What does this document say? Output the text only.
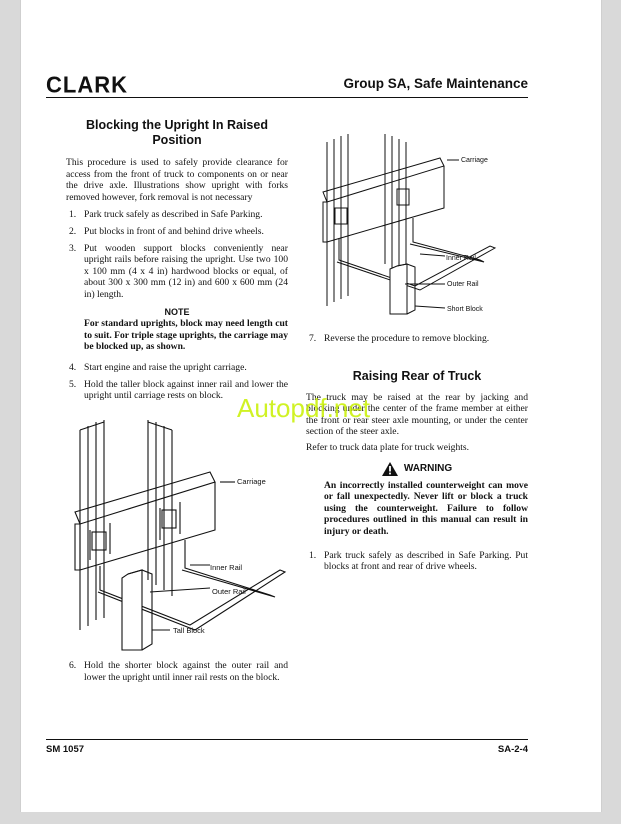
CLARK	Group SA, Safe Maintenance
Blocking the Upright In Raised
Position

This procedure is used to safely provide clearance for access from the front of truck to components on or near the drive axle. Illustrations show upright with forks removed however, fork removal is not necessary

1. Park truck safely as described in Safe Parking.
2. Put blocks in front of and behind drive wheels.
3. Put wooden support blocks conveniently near upright rails before raising the upright. Use two 100 x 100 mm (4 x 4 in) hardwood blocks or equal, of about 300 x 300 mm (12 in) and 600 x 600 mm (24 in) length.
NOTE
For standard uprights, block may need length cut to suit. For triple stage uprights, the carriage may be blocked up, as shown.
4. Start engine and raise the upright carriage.
5. Hold the taller block against inner rail and lower the upright until carriage rests on block.
Carriage
Inner Rail
Outer Rail
Tall Block
6. Hold the shorter block against the outer rail and lower the upright until inner rail rests on the block.
Carriage
Inner Rail
Outer Rail
Short Block
7. Reverse the procedure to remove blocking.
Raising Rear of Truck

The truck may be raised at the rear by jacking and blocking under the center of the frame member at either the front or rear steer axle mounting, or under the center section of the steer axle.

Refer to truck data plate for truck weights.

WARNING
An incorrectly installed counterweight can move or fall unexpectedly. Never lift or block a truck using the counterweight. Failure to follow procedures outlined in this manual can result in injury or death.
1. Park truck safely as described in Safe Parking. Put blocks at front and rear of drive wheels.
Autopdf.net
SM 1057	SA-2-4
